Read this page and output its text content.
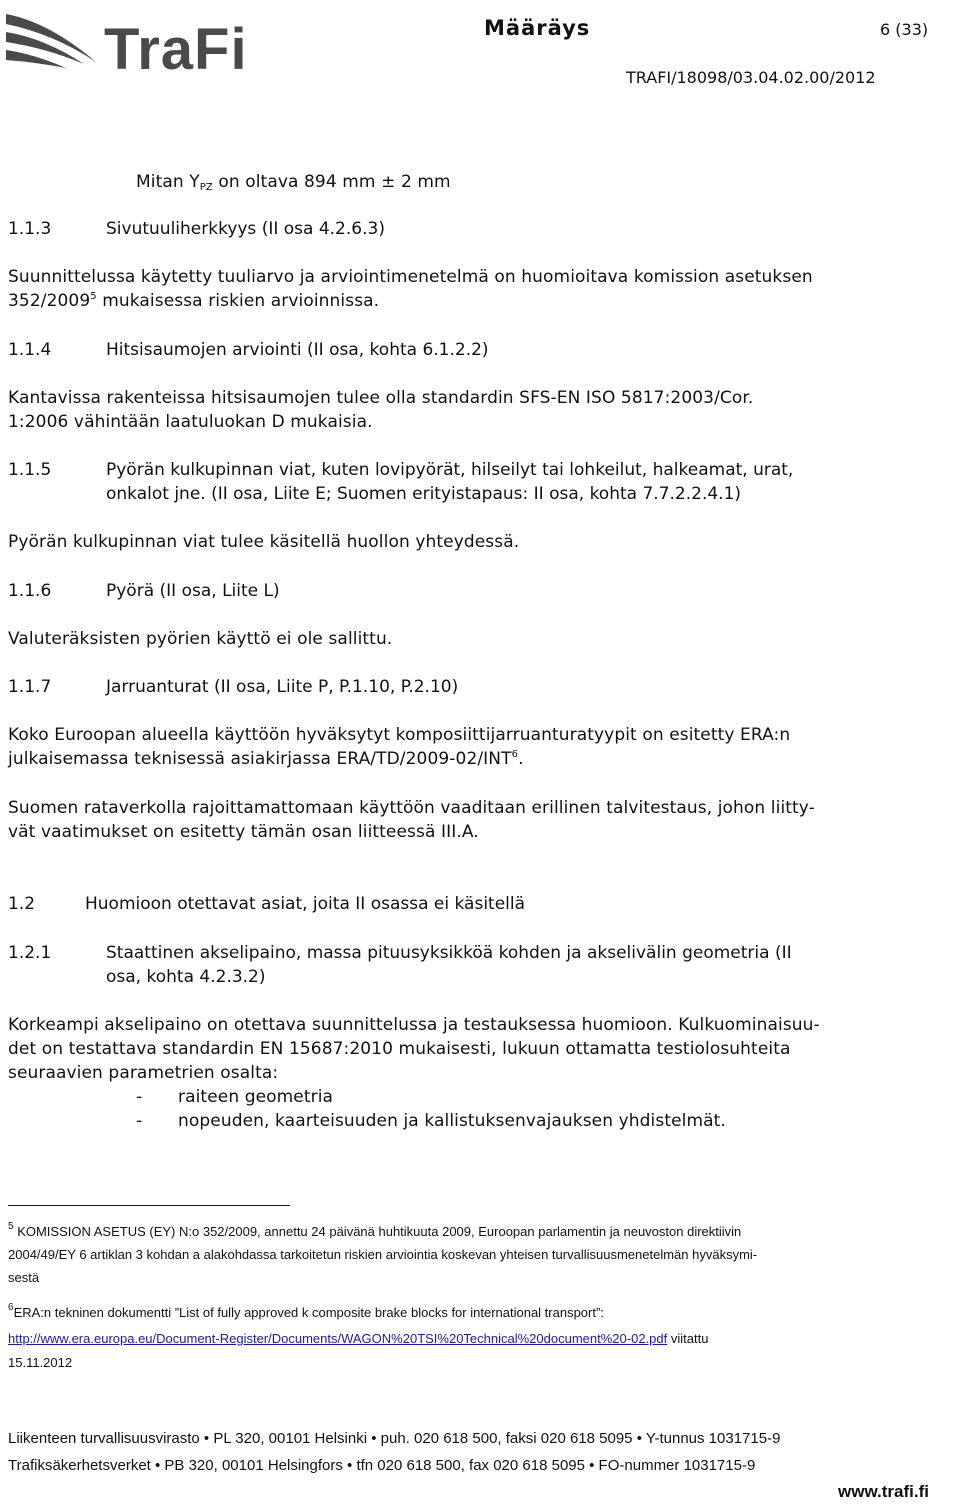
TraFi	Määräys	6 (33)
TRAFI/18098/03.04.02.00/2012
Mitan $Y_{PZ}$ on oltava 894 mm ± 2 mm
1.1.3	Sivutuuliherkkyys (II osa 4.2.6.3)
Suunnittelussa käytetty tuuliarvo ja arviointimenetelmä on huomioitava komission asetuksen
352/2009$^5$ mukaisessa riskien arvioinnissa.
1.1.4	Hitsisaumojen arviointi (II osa, kohta 6.1.2.2)
Kantavissa rakenteissa hitsisaumojen tulee olla standardin SFS-EN ISO 5817:2003/Cor.
1:2006 vähintään laatuluokan D mukaisia.
1.1.5	Pyörän kulkupinnan viat, kuten lovipyörät, hilseilyt tai lohkeilut, halkeamat, urat,
onkalot jne. (II osa, Liite E; Suomen erityistapaus: II osa, kohta 7.7.2.2.4.1)
Pyörän kulkupinnan viat tulee käsitellä huollon yhteydessä.
1.1.6	Pyörä (II osa, Liite L)
Valuteräksisten pyörien käyttö ei ole sallittu.
1.1.7	Jarruanturat (II osa, Liite P, P.1.10, P.2.10)
Koko Euroopan alueella käyttöön hyväksytyt komposiittijarruanturatyypit on esitetty ERA:n
julkaisemassa teknisessä asiakirjassa ERA/TD/2009-02/INT$^6$.
Suomen rataverkolla rajoittamattomaan käyttöön vaaditaan erillinen talvitestaus, johon liitty-
vät vaatimukset on esitetty tämän osan liitteessä III.A.
1.2	Huomioon otettavat asiat, joita II osassa ei käsitellä
1.2.1	Staattinen akselipaino, massa pituusyksikköä kohden ja akselivälin geometria (II
osa, kohta 4.2.3.2)
Korkeampi akselipaino on otettava suunnittelussa ja testauksessa huomioon. Kulkuominaisuu-
det on testattava standardin EN 15687:2010 mukaisesti, lukuun ottamatta testiolosuhteita
seuraavien parametrien osalta:
- raiteen geometria
- nopeuden, kaarteisuuden ja kallistuksenvajauksen yhdistelmät.
$^5$ KOMISSION ASETUS (EY) N:o 352/2009, annettu 24 päivänä huhtikuuta 2009, Euroopan parlamentin ja neuvoston direktiivin
2004/49/EY 6 artiklan 3 kohdan a alakohdassa tarkoitetun riskien arviointia koskevan yhteisen turvallisuusmenetelmän hyväksymi-
sestä
$^6$ERA:n tekninen dokumentti ”List of fully approved k composite brake blocks for international transport”:
http://www.era.europa.eu/Document-Register/Documents/WAGON%20TSI%20Technical%20document%20-02.pdf viitattu
15.11.2012
Liikenteen turvallisuusvirasto • PL 320, 00101 Helsinki • puh. 020 618 500, faksi 020 618 5095 • Y-tunnus 1031715-9
Trafiksäkerhetsverket • PB 320, 00101 Helsingfors • tfn 020 618 500, fax 020 618 5095 • FO-nummer 1031715-9
www.trafi.fi
